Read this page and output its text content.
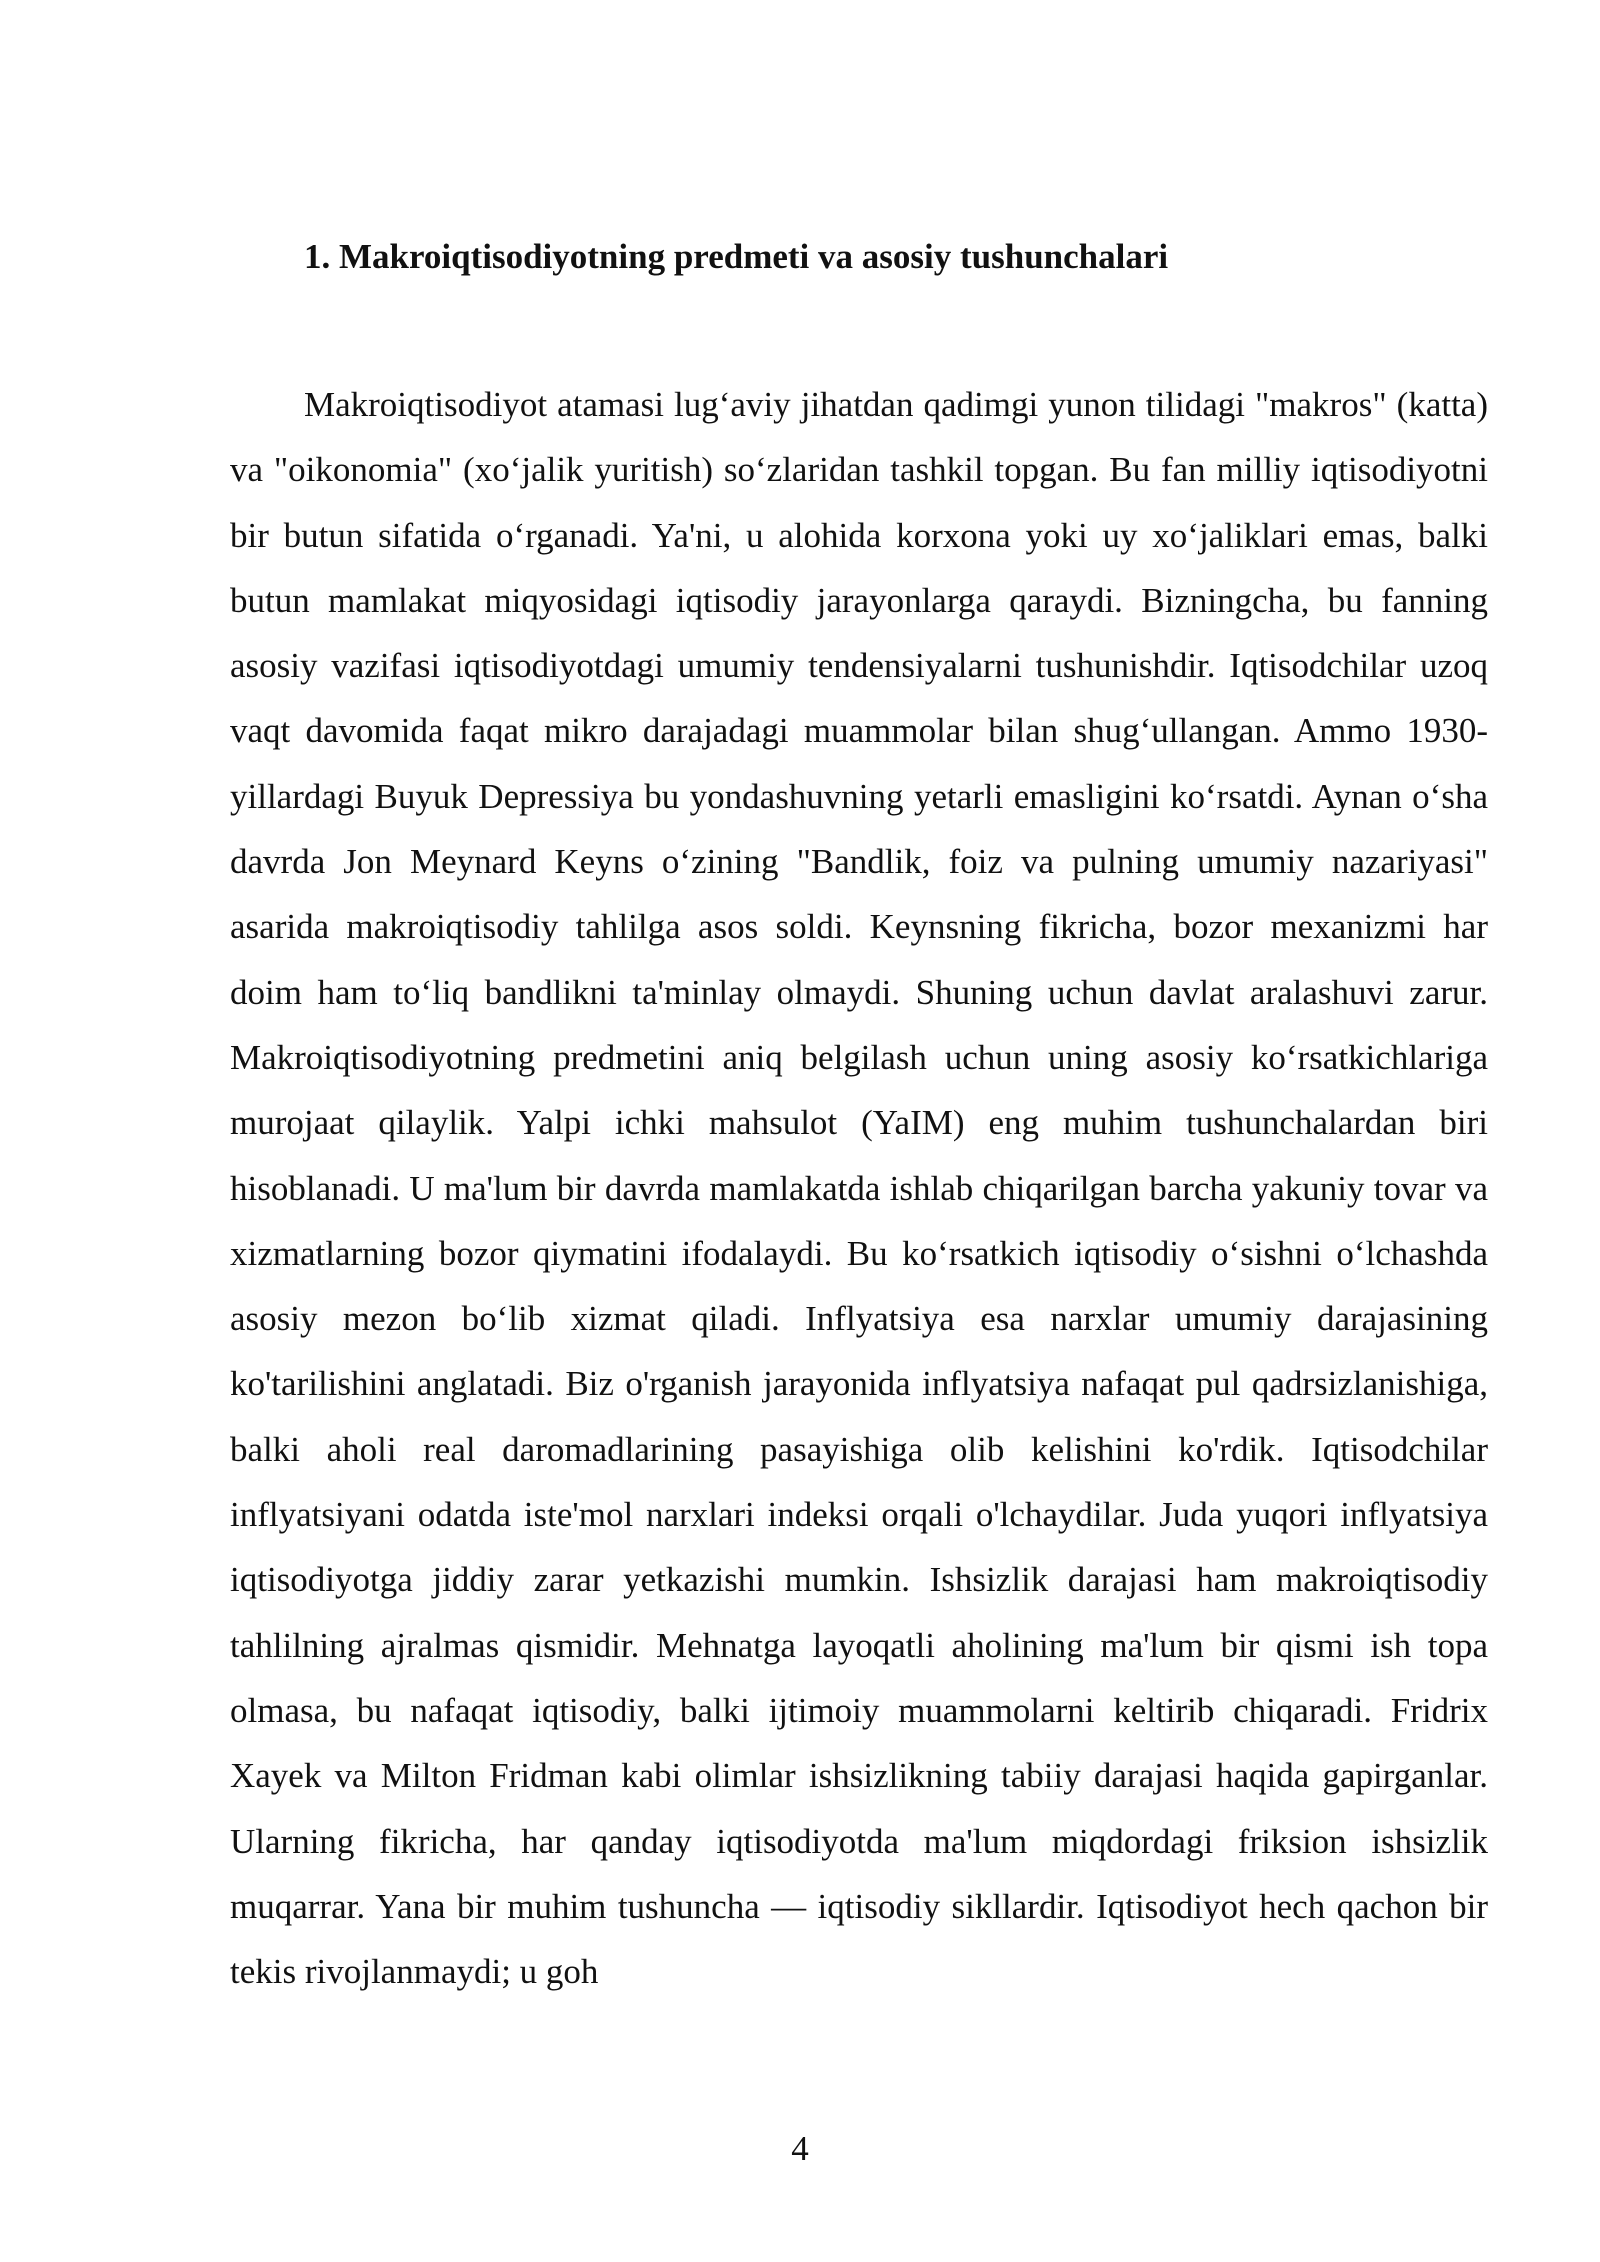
1. Makroiqtisodiyotning predmeti va asosiy tushunchalari

Makroiqtisodiyot atamasi lug‘aviy jihatdan qadimgi yunon tilidagi "makros" (katta) va "oikonomia" (xo‘jalik yuritish) so‘zlaridan tashkil topgan. Bu fan milliy iqtisodiyotni bir butun sifatida o‘rganadi. Ya'ni, u alohida korxona yoki uy xo‘jaliklari emas, balki butun mamlakat miqyosidagi iqtisodiy jarayonlarga qaraydi. Bizningcha, bu fanning asosiy vazifasi iqtisodiyotdagi umumiy tendensiyalarni tushunishdir. Iqtisodchilar uzoq vaqt davomida faqat mikro darajadagi muammolar bilan shug‘ullangan. Ammo 1930-yillardagi Buyuk Depressiya bu yondashuvning yetarli emasligini ko‘rsatdi. Aynan o‘sha davrda Jon Meynard Keyns o‘zining "Bandlik, foiz va pulning umumiy nazariyasi" asarida makroiqtisodiy tahlilga asos soldi. Keynsning fikricha, bozor mexanizmi har doim ham to‘liq bandlikni ta'minlay olmaydi. Shuning uchun davlat aralashuvi zarur. Makroiqtisodiyotning predmetini aniq belgilash uchun uning asosiy ko‘rsatkichlariga murojaat qilaylik. Yalpi ichki mahsulot (YaIM) eng muhim tushunchalardan biri hisoblanadi. U ma'lum bir davrda mamlakatda ishlab chiqarilgan barcha yakuniy tovar va xizmatlarning bozor qiymatini ifodalaydi. Bu ko‘rsatkich iqtisodiy o‘sishni o‘lchashda asosiy mezon bo‘lib xizmat qiladi. Inflyatsiya esa narxlar umumiy darajasining ko'tarilishini anglatadi. Biz o'rganish jarayonida inflyatsiya nafaqat pul qadrsizlanishiga, balki aholi real daromadlarining pasayishiga olib kelishini ko'rdik. Iqtisodchilar inflyatsiyani odatda iste'mol narxlari indeksi orqali o'lchaydilar. Juda yuqori inflyatsiya iqtisodiyotga jiddiy zarar yetkazishi mumkin. Ishsizlik darajasi ham makroiqtisodiy tahlilning ajralmas qismidir. Mehnatga layoqatli aholining ma'lum bir qismi ish topa olmasa, bu nafaqat iqtisodiy, balki ijtimoiy muammolarni keltirib chiqaradi. Fridrix Xayek va Milton Fridman kabi olimlar ishsizlikning tabiiy darajasi haqida gapirganlar. Ularning fikricha, har qanday iqtisodiyotda ma'lum miqdordagi friksion ishsizlik muqarrar. Yana bir muhim tushuncha — iqtisodiy sikllardir. Iqtisodiyot hech qachon bir tekis rivojlanmaydi; u goh

4
